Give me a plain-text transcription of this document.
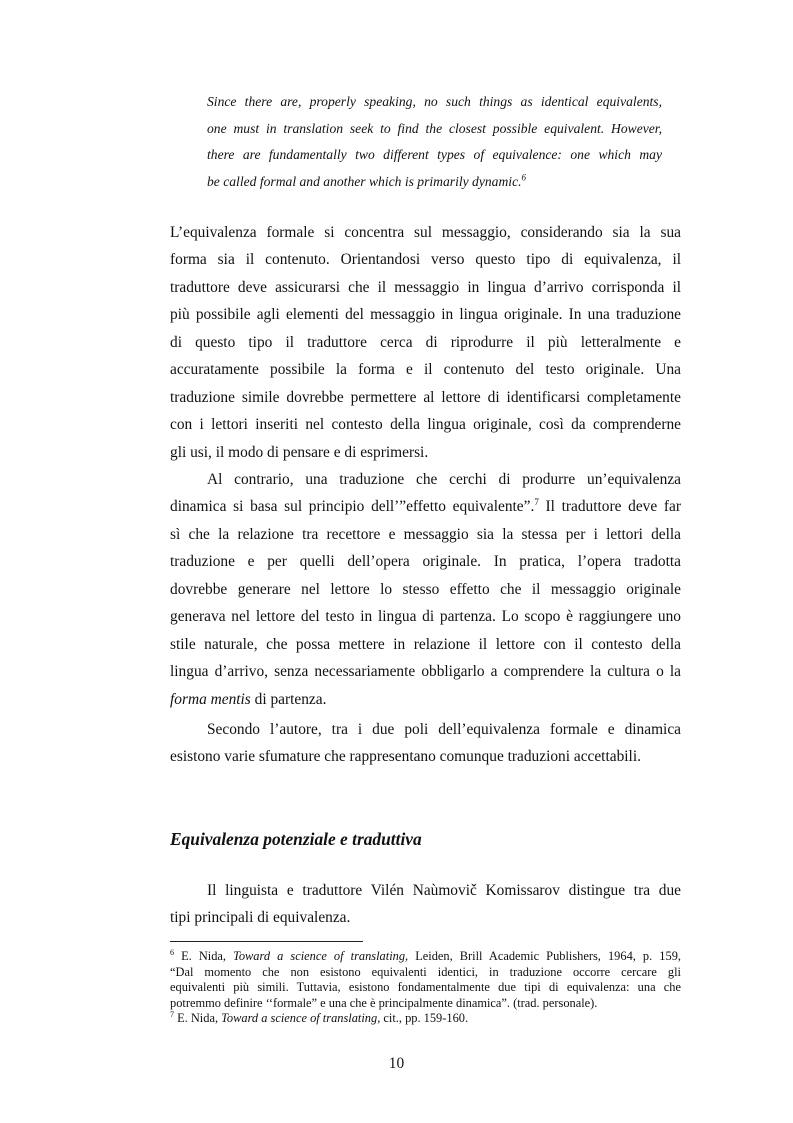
Since there are, properly speaking, no such things as identical equivalents,
one must in translation seek to find the closest possible equivalent. However,
there are fundamentally two different types of equivalence: one which may
be called formal and another which is primarily dynamic.$^6$
L’equivalenza formale si concentra sul messaggio, considerando sia la sua
forma sia il contenuto. Orientandosi verso questo tipo di equivalenza, il
traduttore deve assicurarsi che il messaggio in lingua d’arrivo corrisponda il
più possibile agli elementi del messaggio in lingua originale. In una traduzione
di questo tipo il traduttore cerca di riprodurre il più letteralmente e
accuratamente possibile la forma e il contenuto del testo originale. Una
traduzione simile dovrebbe permettere al lettore di identificarsi completamente
con i lettori inseriti nel contesto della lingua originale, così da comprenderne
gli usi, il modo di pensare e di esprimersi.
Al contrario, una traduzione che cerchi di produrre un’equivalenza
dinamica si basa sul principio dell’”effetto equivalente”.$^7$ Il traduttore deve far
sì che la relazione tra recettore e messaggio sia la stessa per i lettori della
traduzione e per quelli dell’opera originale. In pratica, l’opera tradotta
dovrebbe generare nel lettore lo stesso effetto che il messaggio originale
generava nel lettore del testo in lingua di partenza. Lo scopo è raggiungere uno
stile naturale, che possa mettere in relazione il lettore con il contesto della
lingua d’arrivo, senza necessariamente obbligarlo a comprendere la cultura o la
forma mentis di partenza.
Secondo l’autore, tra i due poli dell’equivalenza formale e dinamica
esistono varie sfumature che rappresentano comunque traduzioni accettabili.
Equivalenza potenziale e traduttiva
Il linguista e traduttore Vilén Naùmovič Komissarov distingue tra due
tipi principali di equivalenza.
$^6$ E. Nida, Toward a science of translating, Leiden, Brill Academic Publishers, 1964, p. 159,
“Dal momento che non esistono equivalenti identici, in traduzione occorre cercare gli
equivalenti più simili. Tuttavia, esistono fondamentalmente due tipi di equivalenza: una che
potremmo definire ‘‘formale” e una che è principalmente dinamica”. (trad. personale).
$^7$ E. Nida, Toward a science of translating, cit., pp. 159-160.
10
